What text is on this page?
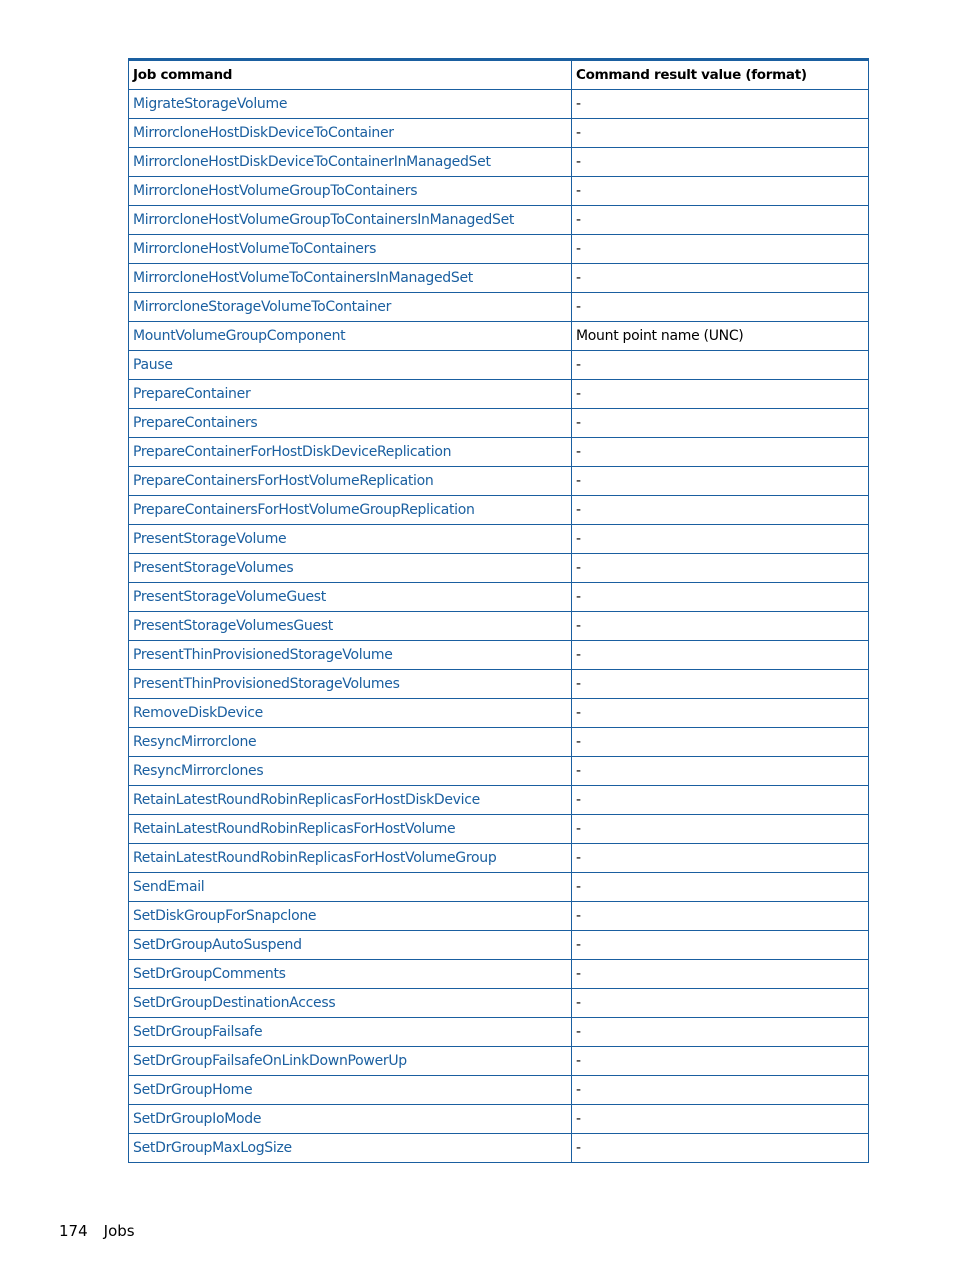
Job command	Command result value (format)
MigrateStorageVolume	-
MirrorcloneHostDiskDeviceToContainer	-
MirrorcloneHostDiskDeviceToContainerInManagedSet	-
MirrorcloneHostVolumeGroupToContainers	-
MirrorcloneHostVolumeGroupToContainersInManagedSet	-
MirrorcloneHostVolumeToContainers	-
MirrorcloneHostVolumeToContainersInManagedSet	-
MirrorcloneStorageVolumeToContainer	-
MountVolumeGroupComponent	Mount point name (UNC)
Pause	-
PrepareContainer	-
PrepareContainers	-
PrepareContainerForHostDiskDeviceReplication	-
PrepareContainersForHostVolumeReplication	-
PrepareContainersForHostVolumeGroupReplication	-
PresentStorageVolume	-
PresentStorageVolumes	-
PresentStorageVolumeGuest	-
PresentStorageVolumesGuest	-
PresentThinProvisionedStorageVolume	-
PresentThinProvisionedStorageVolumes	-
RemoveDiskDevice	-
ResyncMirrorclone	-
ResyncMirrorclones	-
RetainLatestRoundRobinReplicasForHostDiskDevice	-
RetainLatestRoundRobinReplicasForHostVolume	-
RetainLatestRoundRobinReplicasForHostVolumeGroup	-
SendEmail	-
SetDiskGroupForSnapclone	-
SetDrGroupAutoSuspend	-
SetDrGroupComments	-
SetDrGroupDestinationAccess	-
SetDrGroupFailsafe	-
SetDrGroupFailsafeOnLinkDownPowerUp	-
SetDrGroupHome	-
SetDrGroupIoMode	-
SetDrGroupMaxLogSize	-
174 Jobs
